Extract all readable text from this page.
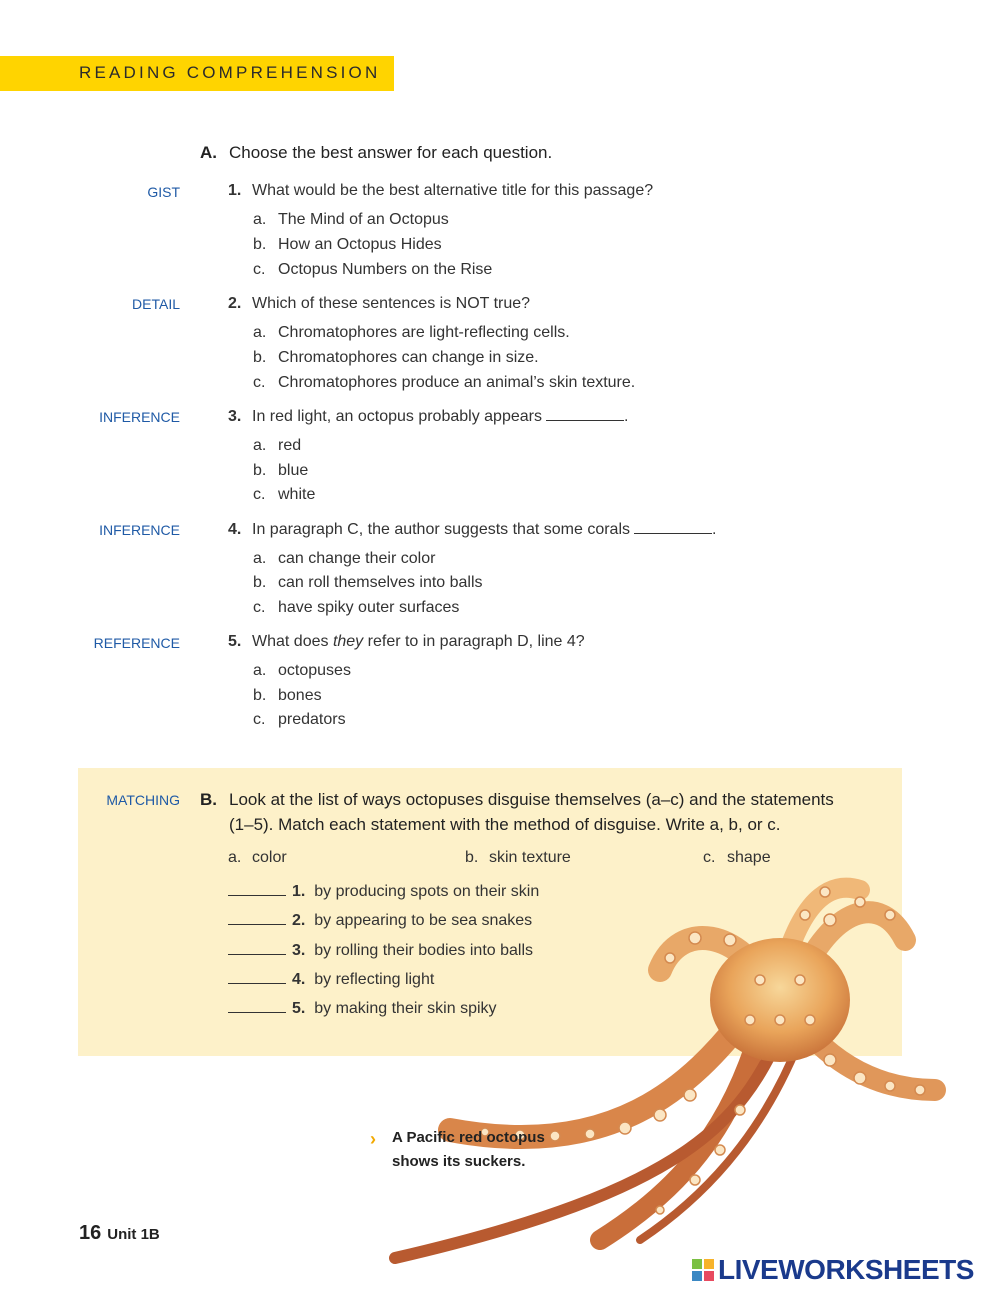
READING COMPREHENSION
A. Choose the best answer for each question.
GIST	1. What would be the best alternative title for this passage?
a. The Mind of an Octopus
b. How an Octopus Hides
c. Octopus Numbers on the Rise
DETAIL	2. Which of these sentences is NOT true?
a. Chromatophores are light-reflecting cells.
b. Chromatophores can change in size.
c. Chromatophores produce an animal’s skin texture.
INFERENCE	3. In red light, an octopus probably appears	.
a. red
b. blue
c. white
INFERENCE	4. In paragraph C, the author suggests that some corals	.
a. can change their color
b. can roll themselves into balls
c. have spiky outer surfaces
REFERENCE	5. What does they refer to in paragraph D, line 4?
a. octopuses
b. bones
c. predators
MATCHING B. Look at the list of ways octopuses disguise themselves (a–c) and the statements
(1–5). Match each statement with the method of disguise. Write a, b, or c.
a. color	b. skin texture	c. shape
1. by producing spots on their skin
2. by appearing to be sea snakes
3. by rolling their bodies into balls
4. by reflecting light
5. by making their skin spiky
› A Pacific red octopus
shows its suckers.
16 Unit 1B
LIVEWORKSHEETS
